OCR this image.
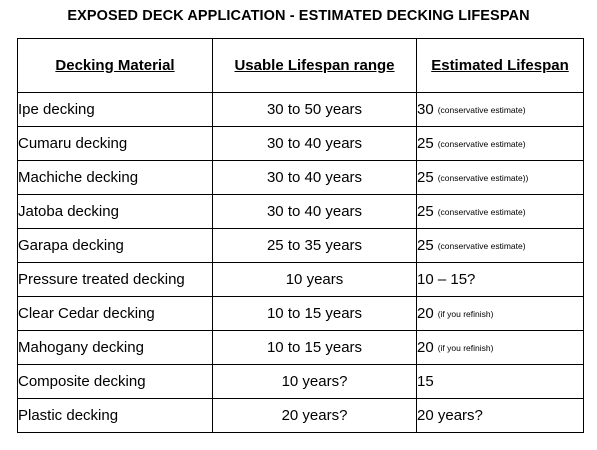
EXPOSED DECK APPLICATION - ESTIMATED DECKING LIFESPAN
Decking Material	Usable Lifespan range	Estimated Lifespan
Ipe decking	30 to 50 years	30 (conservative estimate)
Cumaru decking	30 to 40 years	25 (conservative estimate)
Machiche decking	30 to 40 years	25 (conservative estimate))
Jatoba decking	30 to 40 years	25 (conservative estimate)
Garapa decking	25 to 35 years	25 (conservative estimate)
Pressure treated decking	10 years	10 – 15?
Clear Cedar decking	10 to 15 years	20 (if you refinish)
Mahogany decking	10 to 15 years	20 (if you refinish)
Composite decking	10 years?	15
Plastic decking	20 years?	20 years?
